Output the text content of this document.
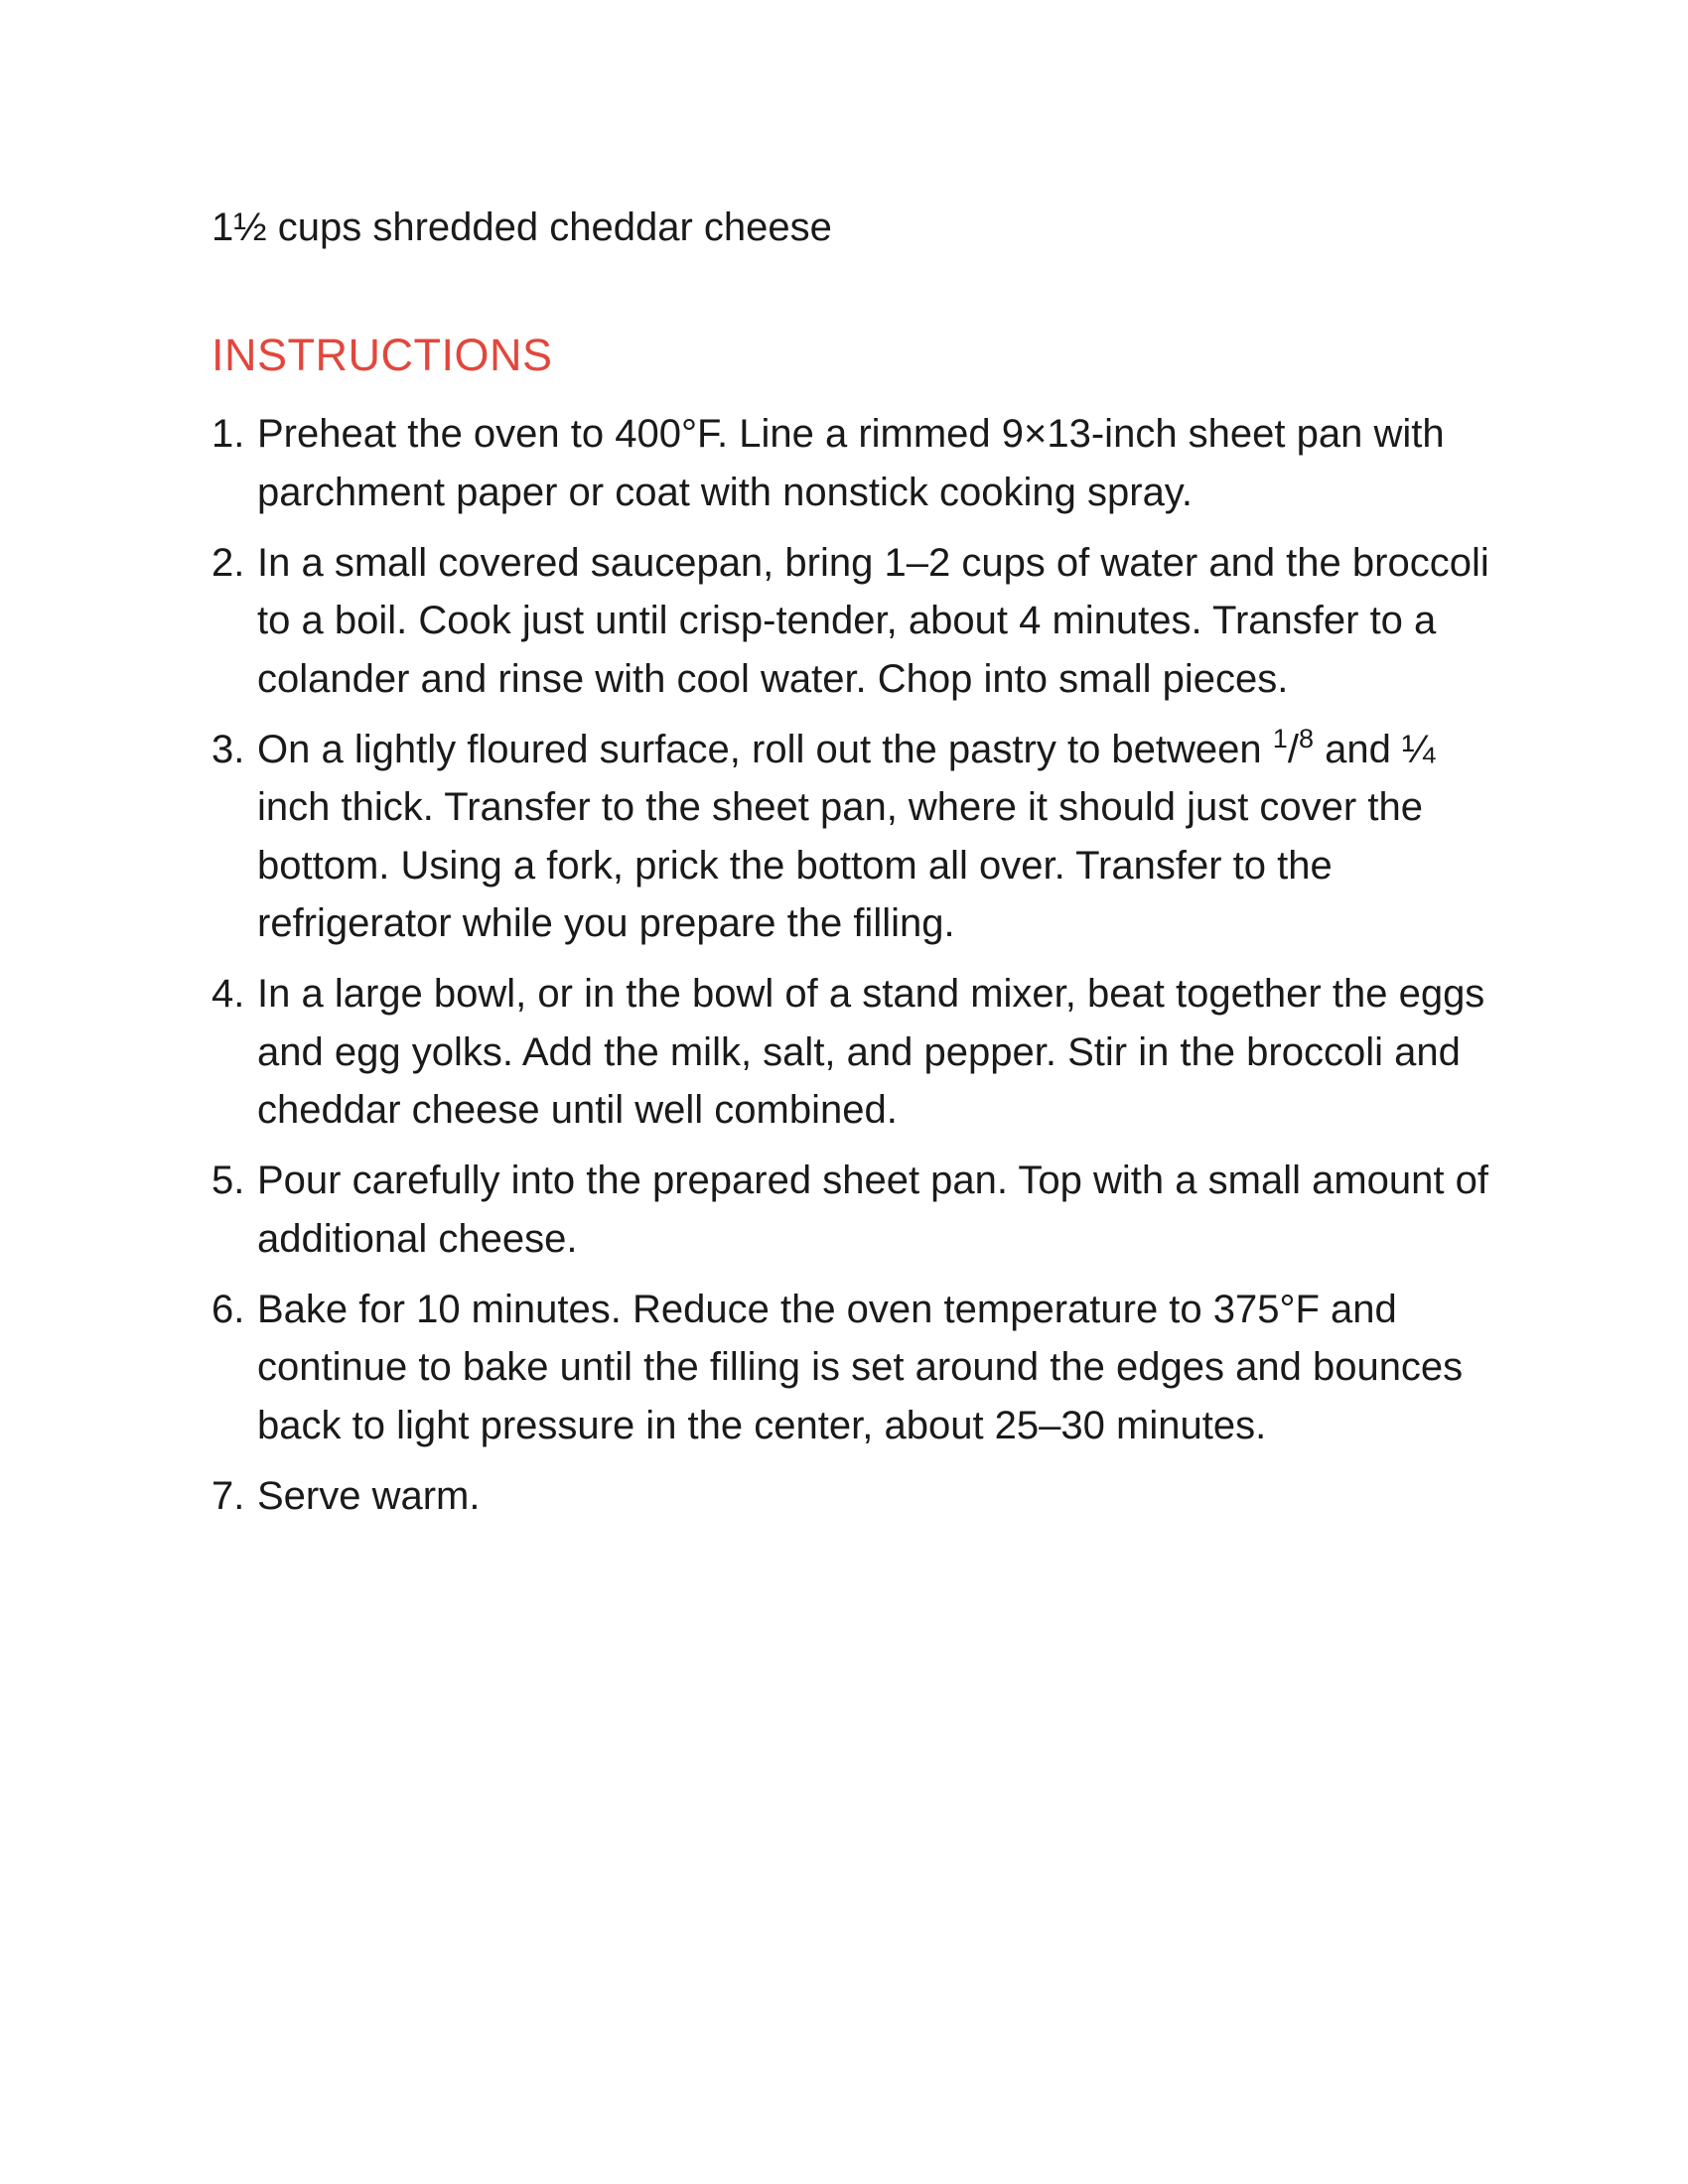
1½ cups shredded cheddar cheese

INSTRUCTIONS
1. Preheat the oven to 400°F. Line a rimmed 9×13-inch sheet pan with parchment paper or coat with nonstick cooking spray.
2. In a small covered saucepan, bring 1–2 cups of water and the broccoli to a boil. Cook just until crisp-tender, about 4 minutes. Transfer to a colander and rinse with cool water. Chop into small pieces.
3. On a lightly floured surface, roll out the pastry to between $^1$/$^8$ and ¼ inch thick. Transfer to the sheet pan, where it should just cover the bottom. Using a fork, prick the bottom all over. Transfer to the refrigerator while you prepare the filling.
4. In a large bowl, or in the bowl of a stand mixer, beat together the eggs and egg yolks. Add the milk, salt, and pepper. Stir in the broccoli and cheddar cheese until well combined.
5. Pour carefully into the prepared sheet pan. Top with a small amount of additional cheese.
6. Bake for 10 minutes. Reduce the oven temperature to 375°F and continue to bake until the filling is set around the edges and bounces back to light pressure in the center, about 25–30 minutes.
7. Serve warm.
